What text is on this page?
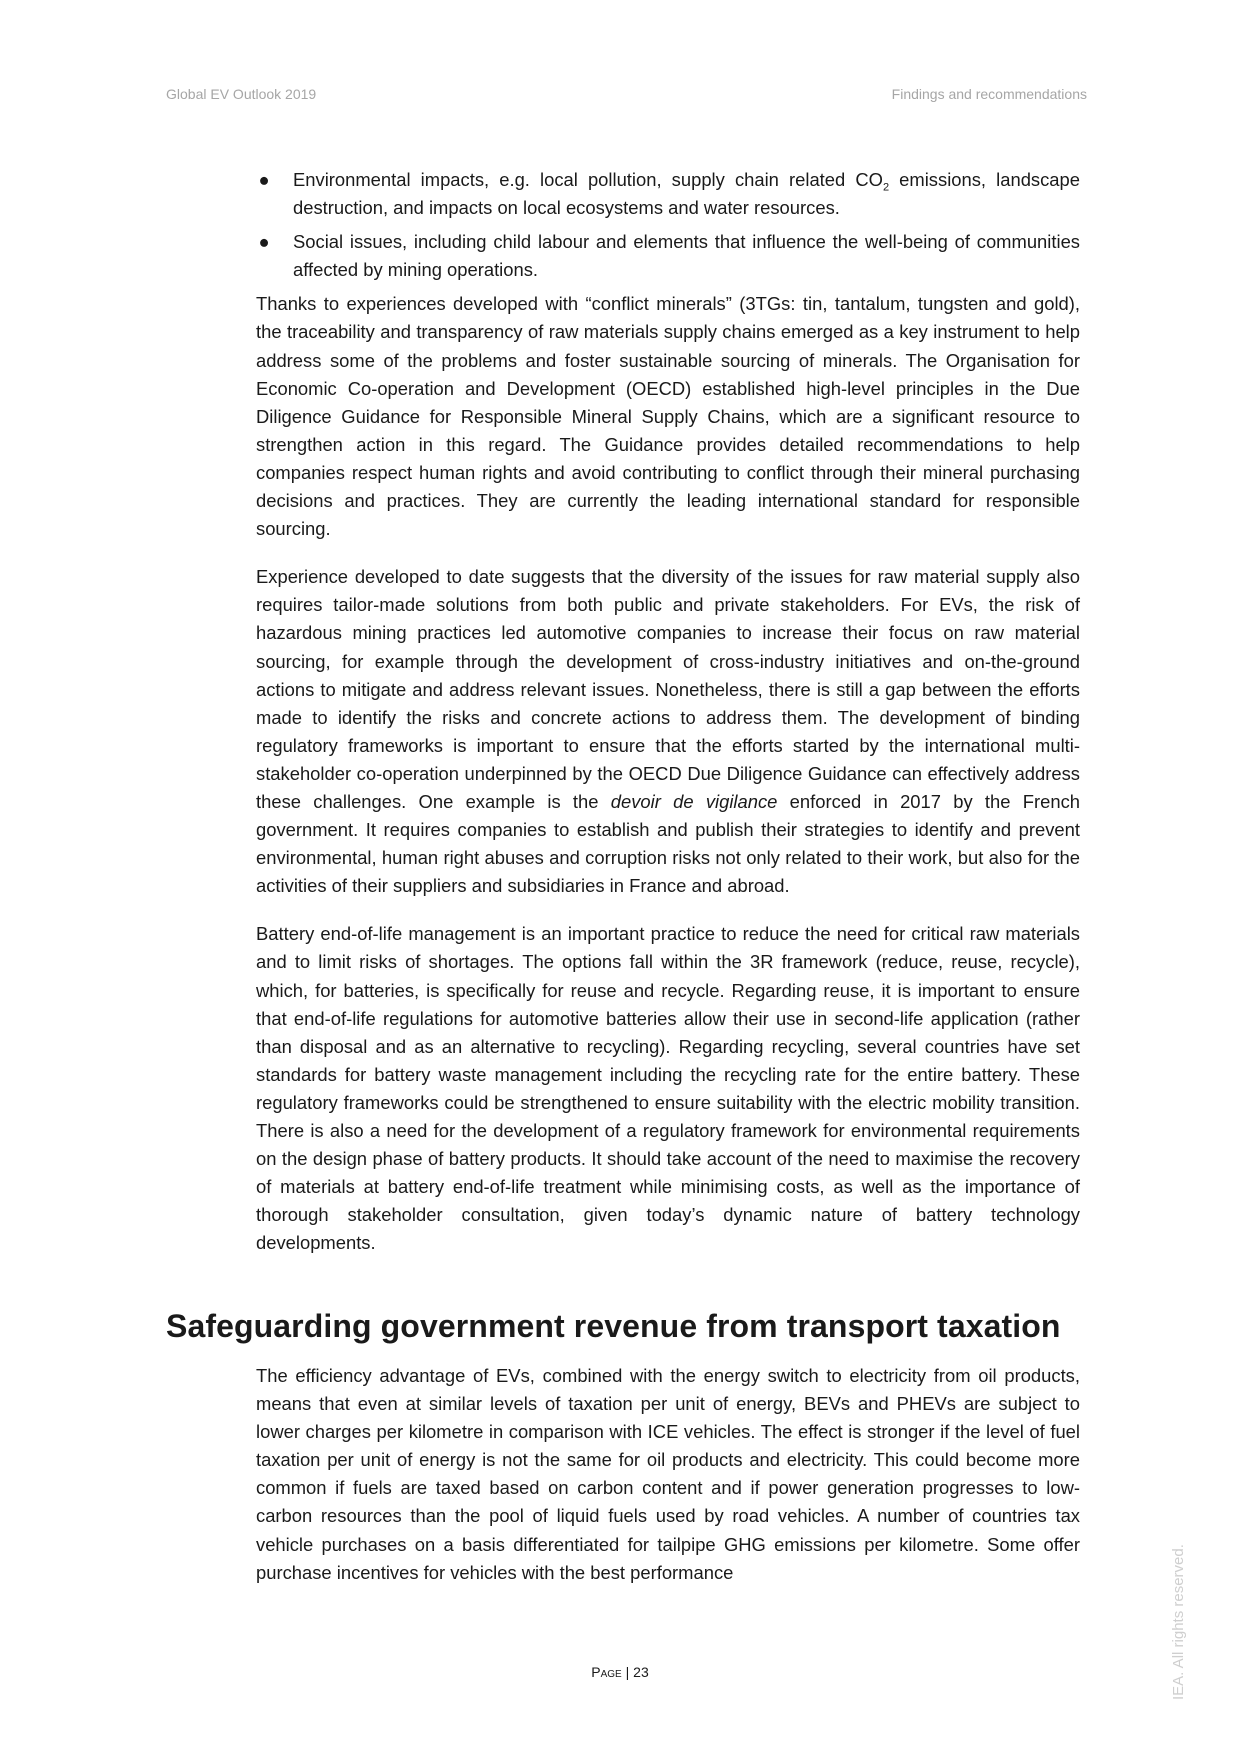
Global EV Outlook 2019	Findings and recommendations
● Environmental impacts, e.g. local pollution, supply chain related $CO_2$ emissions, landscape destruction, and impacts on local ecosystems and water resources.
● Social issues, including child labour and elements that influence the well-being of communities affected by mining operations.

Thanks to experiences developed with “conflict minerals” (3TGs: tin, tantalum, tungsten and gold), the traceability and transparency of raw materials supply chains emerged as a key instrument to help address some of the problems and foster sustainable sourcing of minerals. The Organisation for Economic Co-operation and Development (OECD) established high-level principles in the Due Diligence Guidance for Responsible Mineral Supply Chains, which are a significant resource to strengthen action in this regard. The Guidance provides detailed recommendations to help companies respect human rights and avoid contributing to conflict through their mineral purchasing decisions and practices. They are currently the leading international standard for responsible sourcing.

Experience developed to date suggests that the diversity of the issues for raw material supply also requires tailor-made solutions from both public and private stakeholders. For EVs, the risk of hazardous mining practices led automotive companies to increase their focus on raw material sourcing, for example through the development of cross-industry initiatives and on-the-ground actions to mitigate and address relevant issues. Nonetheless, there is still a gap between the efforts made to identify the risks and concrete actions to address them. The development of binding regulatory frameworks is important to ensure that the efforts started by the international multi-stakeholder co-operation underpinned by the OECD Due Diligence Guidance can effectively address these challenges. One example is the devoir de vigilance enforced in 2017 by the French government. It requires companies to establish and publish their strategies to identify and prevent environmental, human right abuses and corruption risks not only related to their work, but also for the activities of their suppliers and subsidiaries in France and abroad.

Battery end-of-life management is an important practice to reduce the need for critical raw materials and to limit risks of shortages. The options fall within the 3R framework (reduce, reuse, recycle), which, for batteries, is specifically for reuse and recycle. Regarding reuse, it is important to ensure that end-of-life regulations for automotive batteries allow their use in second-life application (rather than disposal and as an alternative to recycling). Regarding recycling, several countries have set standards for battery waste management including the recycling rate for the entire battery. These regulatory frameworks could be strengthened to ensure suitability with the electric mobility transition. There is also a need for the development of a regulatory framework for environmental requirements on the design phase of battery products. It should take account of the need to maximise the recovery of materials at battery end-of-life treatment while minimising costs, as well as the importance of thorough stakeholder consultation, given today’s dynamic nature of battery technology developments.

Safeguarding government revenue from transport taxation

The efficiency advantage of EVs, combined with the energy switch to electricity from oil products, means that even at similar levels of taxation per unit of energy, BEVs and PHEVs are subject to lower charges per kilometre in comparison with ICE vehicles. The effect is stronger if the level of fuel taxation per unit of energy is not the same for oil products and electricity. This could become more common if fuels are taxed based on carbon content and if power generation progresses to low-carbon resources than the pool of liquid fuels used by road vehicles. A number of countries tax vehicle purchases on a basis differentiated for tailpipe GHG emissions per kilometre. Some offer purchase incentives for vehicles with the best performance

Page | 23	IEA. All rights reserved.
